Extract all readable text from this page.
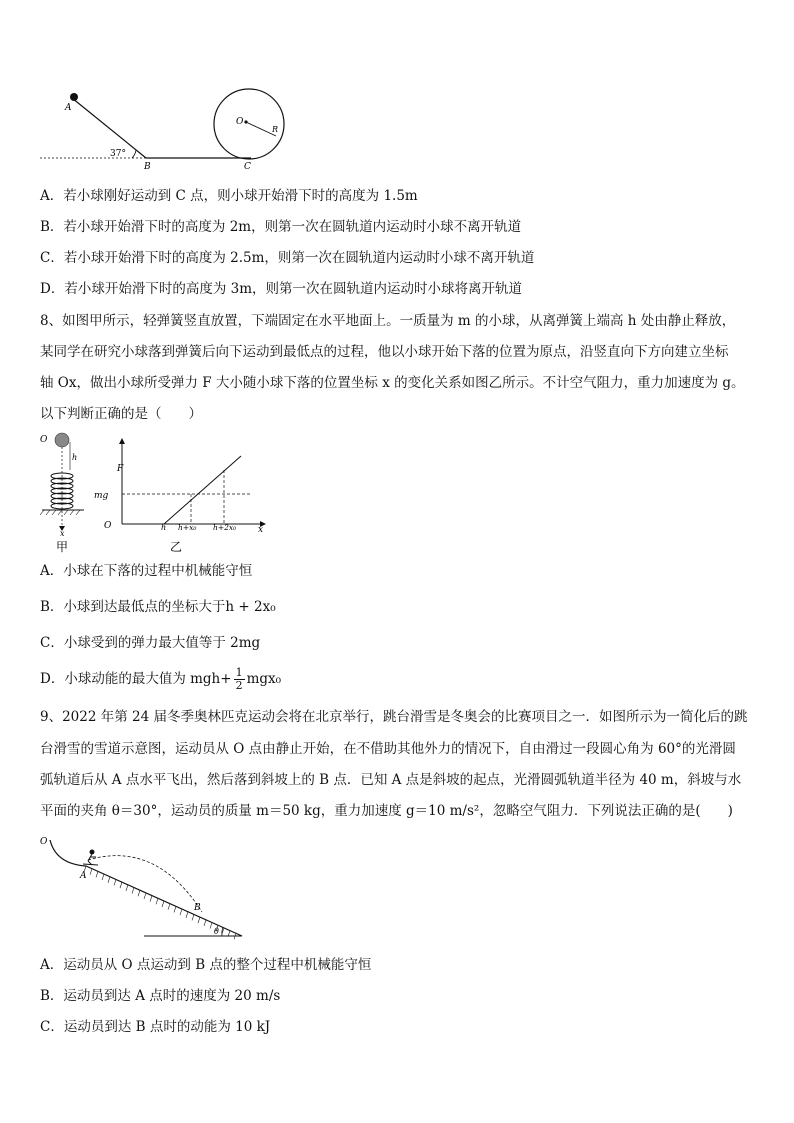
A
37°
B	C
O
R
A．若小球刚好运动到 C 点，则小球开始滑下时的高度为 1.5m
B．若小球开始滑下时的高度为 2m，则第一次在圆轨道内运动时小球不离开轨道
C．若小球开始滑下时的高度为 2.5m，则第一次在圆轨道内运动时小球不离开轨道
D．若小球开始滑下时的高度为 3m，则第一次在圆轨道内运动时小球将离开轨道
8、如图甲所示，轻弹簧竖直放置，下端固定在水平地面上。一质量为 m 的小球，从离弹簧上端高 h 处由静止释放，
某同学在研究小球落到弹簧后向下运动到最低点的过程，他以小球开始下落的位置为原点，沿竖直向下方向建立坐标
轴 Ox，做出小球所受弹力 F 大小随小球下落的位置坐标 x 的变化关系如图乙所示。不计空气阻力，重力加速度为 g。
以下判断正确的是（　　）
O
h
x
甲
F
mg
O	h h+x₀ h+2x₀ x
乙
A．小球在下落的过程中机械能守恒
B．小球到达最低点的坐标大于h + 2x₀
C．小球受到的弹力最大值等于 2mg
D．小球动能的最大值为 $mgh+ \frac{1}{2} mgx_0$
9、2022 年第 24 届冬季奥林匹克运动会将在北京举行，跳台滑雪是冬奥会的比赛项目之一．如图所示为一简化后的跳
台滑雪的雪道示意图，运动员从 O 点由静止开始，在不借助其他外力的情况下，自由滑过一段圆心角为 60°的光滑圆
弧轨道后从 A 点水平飞出，然后落到斜坡上的 B 点．已知 A 点是斜坡的起点，光滑圆弧轨道半径为 40 m，斜坡与水
平面的夹角 θ＝30°，运动员的质量 m＝50 kg，重力加速度 g＝10 m/s²，忽略空气阻力．下列说法正确的是(　　)
O
A
B
θ
A．运动员从 O 点运动到 B 点的整个过程中机械能守恒
B．运动员到达 A 点时的速度为 20 m/s
C．运动员到达 B 点时的动能为 10 kJ
